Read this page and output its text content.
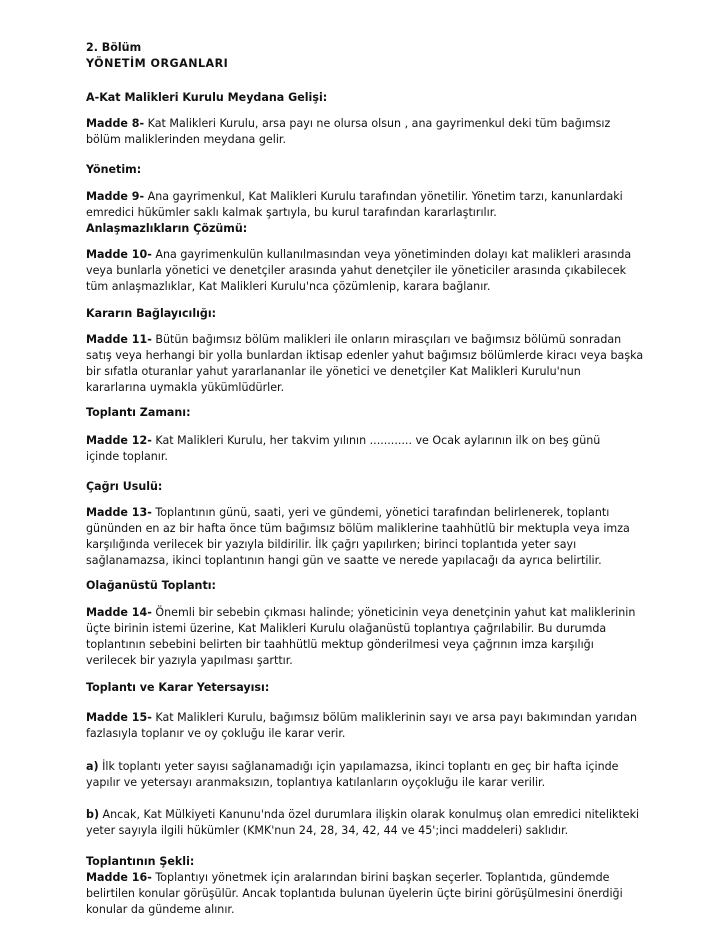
2. Bölüm
YÖNETİM ORGANLARI
A-Kat Malikleri Kurulu Meydana Gelişi:
Madde 8- Kat Malikleri Kurulu, arsa payı ne olursa olsun , ana gayrimenkul deki tüm bağımsız
bölüm maliklerinden meydana gelir.
Yönetim:
Madde 9- Ana gayrimenkul, Kat Malikleri Kurulu tarafından yönetilir. Yönetim tarzı, kanunlardaki
emredici hükümler saklı kalmak şartıyla, bu kurul tarafından kararlaştırılır.
Anlaşmazlıkların Çözümü:
Madde 10- Ana gayrimenkulün kullanılmasından veya yönetiminden dolayı kat malikleri arasında
veya bunlarla yönetici ve denetçiler arasında yahut denetçiler ile yöneticiler arasında çıkabilecek
tüm anlaşmazlıklar, Kat Malikleri Kurulu'nca çözümlenip, karara bağlanır.
Kararın Bağlayıcılığı:
Madde 11- Bütün bağımsız bölüm malikleri ile onların mirasçıları ve bağımsız bölümü sonradan
satış veya herhangi bir yolla bunlardan iktisap edenler yahut bağımsız bölümlerde kiracı veya başka
bir sıfatla oturanlar yahut yararlananlar ile yönetici ve denetçiler Kat Malikleri Kurulu'nun
kararlarına uymakla yükümlüdürler.
Toplantı Zamanı:
Madde 12- Kat Malikleri Kurulu, her takvim yılının ............ ve Ocak aylarının ilk on beş günü
içinde toplanır.
Çağrı Usulü:
Madde 13- Toplantının günü, saati, yeri ve gündemi, yönetici tarafından belirlenerek, toplantı
gününden en az bir hafta önce tüm bağımsız bölüm maliklerine taahhütlü bir mektupla veya imza
karşılığında verilecek bir yazıyla bildirilir. İlk çağrı yapılırken; birinci toplantıda yeter sayı
sağlanamazsa, ikinci toplantının hangi gün ve saatte ve nerede yapılacağı da ayrıca belirtilir.
Olağanüstü Toplantı:
Madde 14- Önemli bir sebebin çıkması halinde; yöneticinin veya denetçinin yahut kat maliklerinin
üçte birinin istemi üzerine, Kat Malikleri Kurulu olağanüstü toplantıya çağrılabilir. Bu durumda
toplantının sebebini belirten bir taahhütlü mektup gönderilmesi veya çağrının imza karşılığı
verilecek bir yazıyla yapılması şarttır.
Toplantı ve Karar Yetersayısı:
Madde 15- Kat Malikleri Kurulu, bağımsız bölüm maliklerinin sayı ve arsa payı bakımından yarıdan
fazlasıyla toplanır ve oy çokluğu ile karar verir.
a) İlk toplantı yeter sayısı sağlanamadığı için yapılamazsa, ikinci toplantı en geç bir hafta içinde
yapılır ve yetersayı aranmaksızın, toplantıya katılanların oyçokluğu ile karar verilir.
b) Ancak, Kat Mülkiyeti Kanunu'nda özel durumlara ilişkin olarak konulmuş olan emredici nitelikteki
yeter sayıyla ilgili hükümler (KMK'nun 24, 28, 34, 42, 44 ve 45';inci maddeleri) saklıdır.
Toplantının Şekli:
Madde 16- Toplantıyı yönetmek için aralarından birini başkan seçerler. Toplantıda, gündemde
belirtilen konular görüşülür. Ancak toplantıda bulunan üyelerin üçte birini görüşülmesini önerdiği
konular da gündeme alınır.
